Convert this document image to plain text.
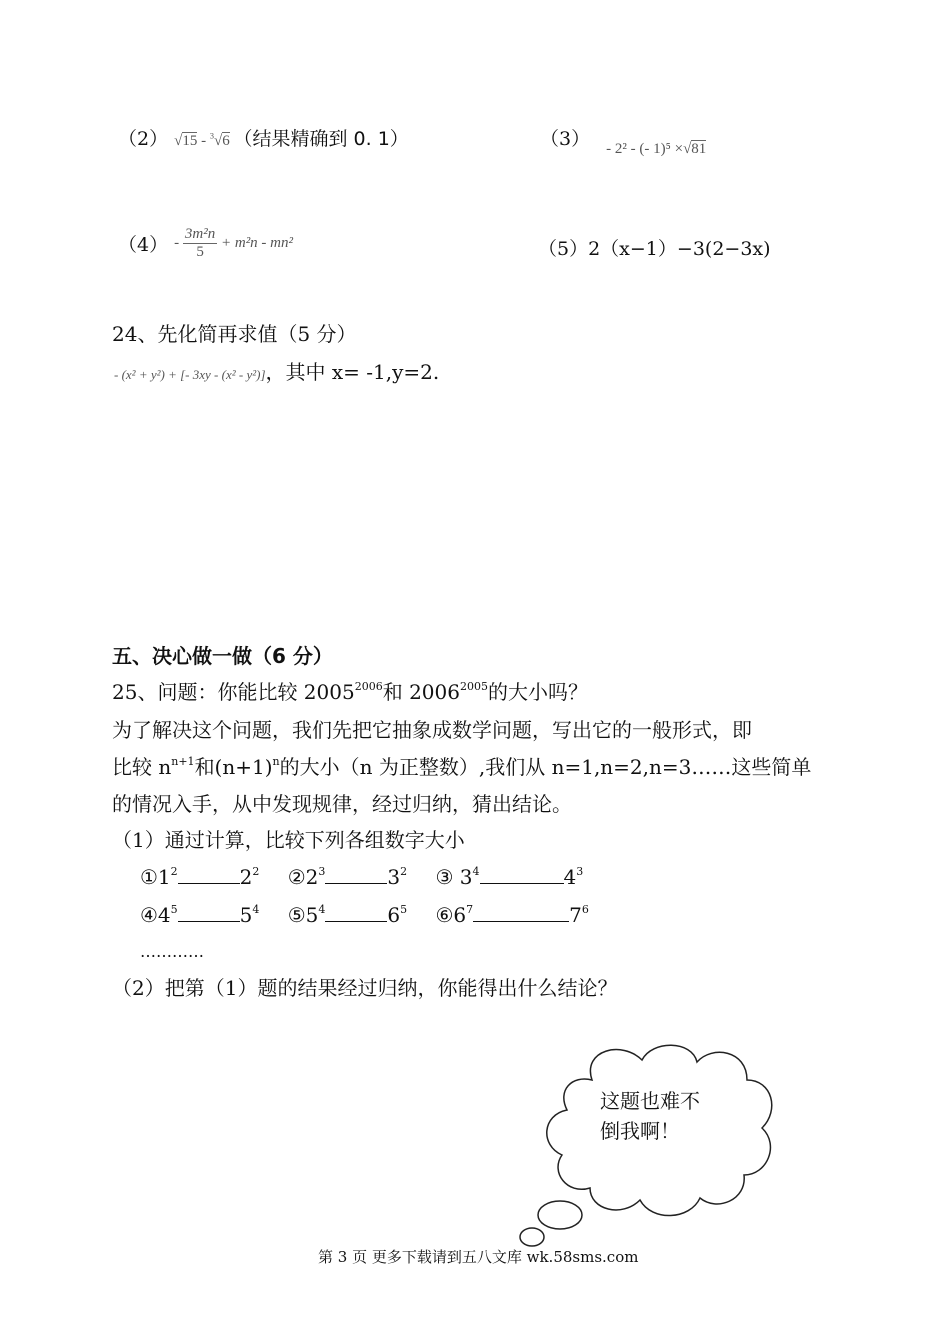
（2） √15 - $^3$√6 （结果精确到 0. 1）	（3） $_{- 2^2 - (- 1)^5 \times√81}$
$(4) - \frac{\text{3m²n}}{5} + m^2n - mn^2$	（5）2（x−1）−3(2−3x)
24、先化简再求值（5 分）
- (x² + y²) + [- 3xy - (x² - y²)]，其中 x= -1,y=2.
五、决心做一做（6 分）
25、问题：你能比较 $2005^{2006}$和 $2006^{2005}$的大小吗？
为了解决这个问题，我们先把它抽象成数学问题，写出它的一般形式，即
比较 $n^{n+1}$和$(n+1)^n$的大小（n 为正整数）,我们从 n=1,n=2,n=3……这些简单
的情况入手，从中发现规律，经过归纳，猜出结论。
（1）通过计算，比较下列各组数字大小
$①1^2$	$2^2$ $②2^3$	$3^2$ ③ $3^4$	$4^3$
$④4^5$	$5^4$ $⑤5^4$	$6^5$ $⑥6^7$	$7^6$
…………
（2）把第（1）题的结果经过归纳，你能得出什么结论？
这题也难不
倒我啊！
第 3 页 更多下载请到五八文库 wk.58sms.com
